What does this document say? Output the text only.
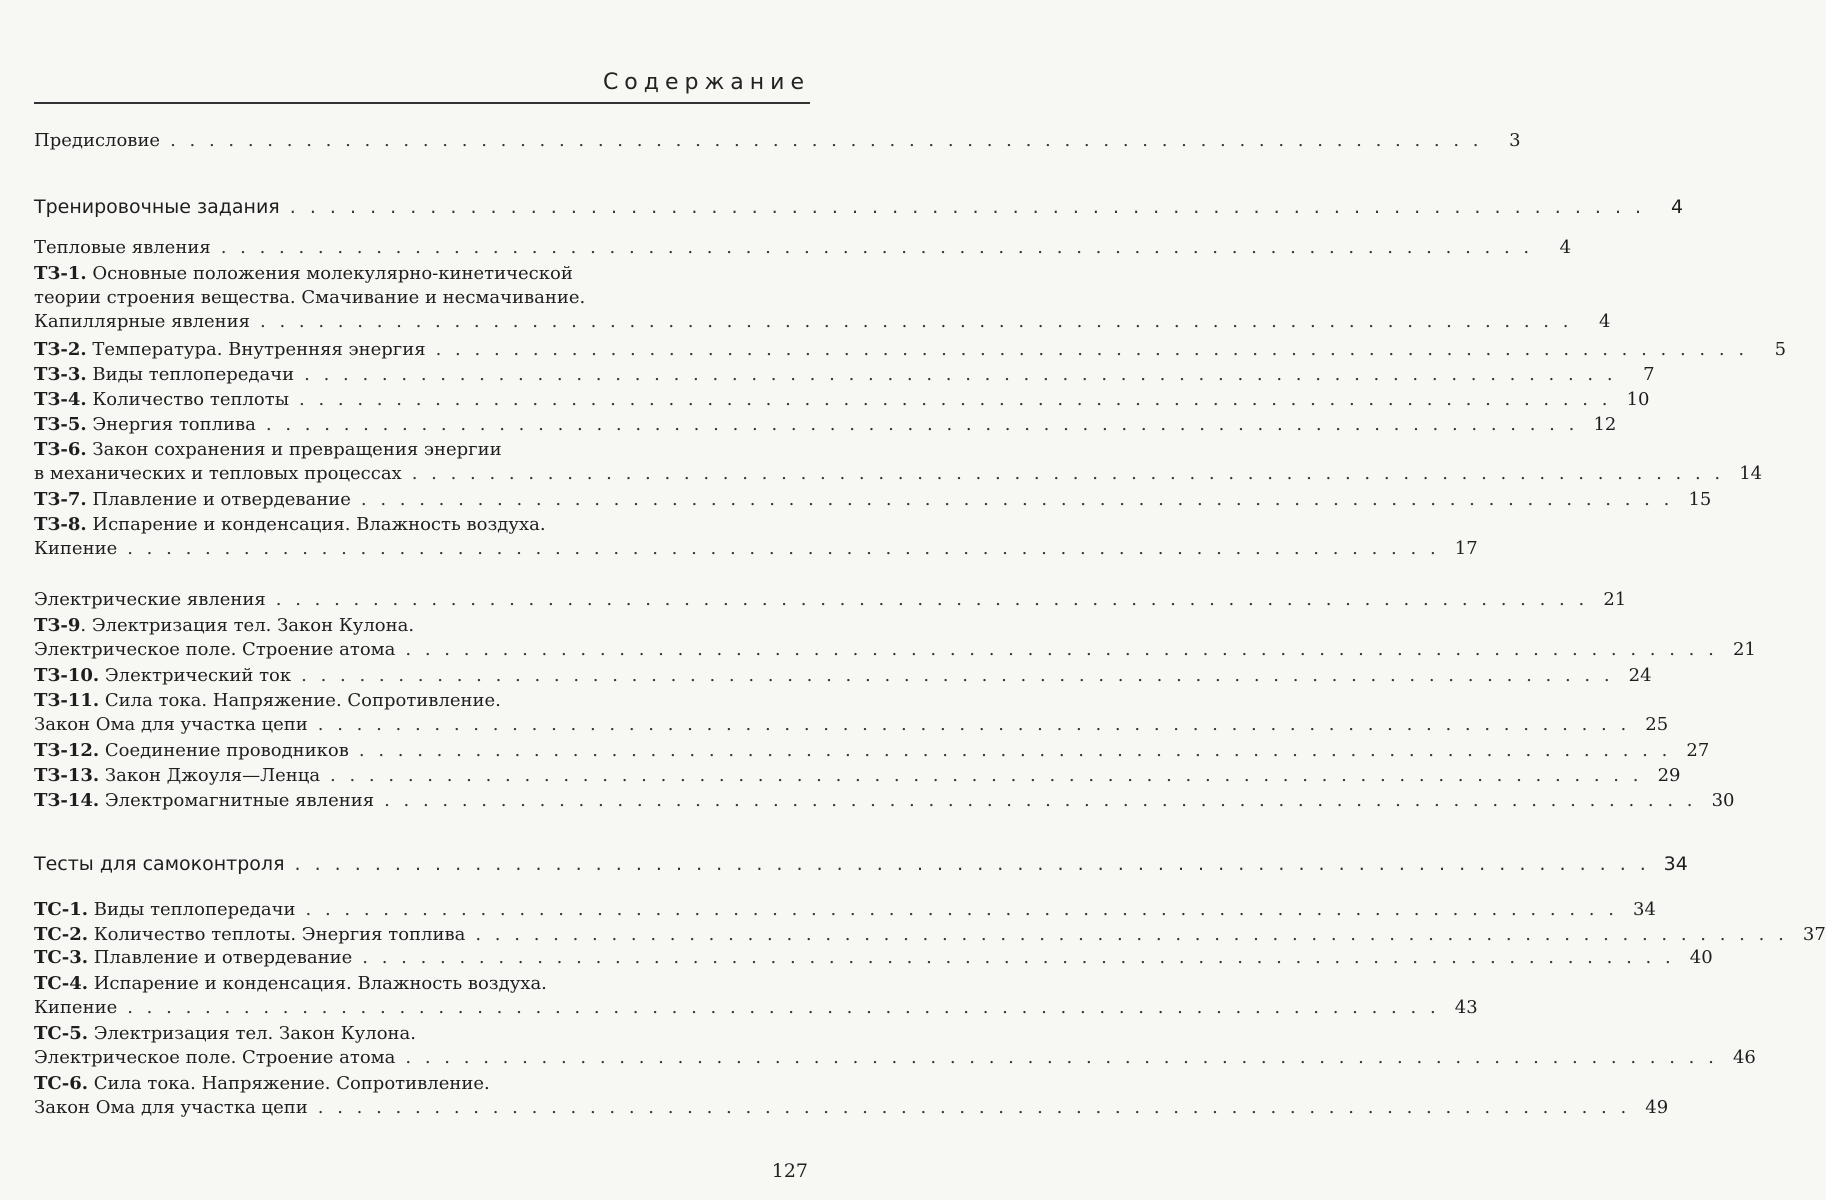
Содержание
Предисловие . . . . . . . . . . . . . . . . . . . . . . . . . . . . . . . . . . . . . . . . . . . . . . . . . . . . . . . . . . . . . . . . . . . .	3
Тренировочные задания . . . . . . . . . . . . . . . . . . . . . . . . . . . . . . . . . . . . . . . . . . . . . . . . . . . . . . . . . . . . . . . . . . . .	4
Тепловые явления . . . . . . . . . . . . . . . . . . . . . . . . . . . . . . . . . . . . . . . . . . . . . . . . . . . . . . . . . . . . . . . . . . . .	4
ТЗ-1. Основные положения молекулярно-кинетической
теории строения вещества. Смачивание и несмачивание.
Капиллярные явления . . . . . . . . . . . . . . . . . . . . . . . . . . . . . . . . . . . . . . . . . . . . . . . . . . . . . . . . . . . . . . . . . . . .	4
ТЗ-2. Температура. Внутренняя энергия . . . . . . . . . . . . . . . . . . . . . . . . . . . . . . . . . . . . . . . . . . . . . . . . . . . . . . . . . . . . . . . . . . . .	5
ТЗ-3. Виды теплопередачи . . . . . . . . . . . . . . . . . . . . . . . . . . . . . . . . . . . . . . . . . . . . . . . . . . . . . . . . . . . . . . . . . . . .	7
ТЗ-4. Количество теплоты . . . . . . . . . . . . . . . . . . . . . . . . . . . . . . . . . . . . . . . . . . . . . . . . . . . . . . . . . . . . . . . . . . . . 10
ТЗ-5. Энергия топлива . . . . . . . . . . . . . . . . . . . . . . . . . . . . . . . . . . . . . . . . . . . . . . . . . . . . . . . . . . . . . . . . . . . . 12
ТЗ-6. Закон сохранения и превращения энергии
в механических и тепловых процессах . . . . . . . . . . . . . . . . . . . . . . . . . . . . . . . . . . . . . . . . . . . . . . . . . . . . . . . . . . . . . . . . . . . . 14
ТЗ-7. Плавление и отвердевание . . . . . . . . . . . . . . . . . . . . . . . . . . . . . . . . . . . . . . . . . . . . . . . . . . . . . . . . . . . . . . . . . . . . 15
ТЗ-8. Испарение и конденсация. Влажность воздуха.
Кипение . . . . . . . . . . . . . . . . . . . . . . . . . . . . . . . . . . . . . . . . . . . . . . . . . . . . . . . . . . . . . . . . . . . . 17
Электрические явления . . . . . . . . . . . . . . . . . . . . . . . . . . . . . . . . . . . . . . . . . . . . . . . . . . . . . . . . . . . . . . . . . . . . 21
ТЗ-9. Электризация тел. Закон Кулона.
Электрическое поле. Строение атома . . . . . . . . . . . . . . . . . . . . . . . . . . . . . . . . . . . . . . . . . . . . . . . . . . . . . . . . . . . . . . . . . . . . 21
ТЗ-10. Электрический ток . . . . . . . . . . . . . . . . . . . . . . . . . . . . . . . . . . . . . . . . . . . . . . . . . . . . . . . . . . . . . . . . . . . . 24
ТЗ-11. Сила тока. Напряжение. Сопротивление.
Закон Ома для участка цепи . . . . . . . . . . . . . . . . . . . . . . . . . . . . . . . . . . . . . . . . . . . . . . . . . . . . . . . . . . . . . . . . . . . . 25
ТЗ-12. Соединение проводников . . . . . . . . . . . . . . . . . . . . . . . . . . . . . . . . . . . . . . . . . . . . . . . . . . . . . . . . . . . . . . . . . . . . 27
ТЗ-13. Закон Джоуля—Ленца . . . . . . . . . . . . . . . . . . . . . . . . . . . . . . . . . . . . . . . . . . . . . . . . . . . . . . . . . . . . . . . . . . . . 29
ТЗ-14. Электромагнитные явления . . . . . . . . . . . . . . . . . . . . . . . . . . . . . . . . . . . . . . . . . . . . . . . . . . . . . . . . . . . . . . . . . . . . 30
Тесты для самоконтроля . . . . . . . . . . . . . . . . . . . . . . . . . . . . . . . . . . . . . . . . . . . . . . . . . . . . . . . . . . . . . . . . . . . . 34
ТС-1. Виды теплопередачи . . . . . . . . . . . . . . . . . . . . . . . . . . . . . . . . . . . . . . . . . . . . . . . . . . . . . . . . . . . . . . . . . . . . 34
ТС-2. Количество теплоты. Энергия топлива . . . . . . . . . . . . . . . . . . . . . . . . . . . . . . . . . . . . . . . . . . . . . . . . . . . . . . . . . . . . . . . . . . . . 37
ТС-3. Плавление и отвердевание . . . . . . . . . . . . . . . . . . . . . . . . . . . . . . . . . . . . . . . . . . . . . . . . . . . . . . . . . . . . . . . . . . . . 40
ТС-4. Испарение и конденсация. Влажность воздуха.
Кипение . . . . . . . . . . . . . . . . . . . . . . . . . . . . . . . . . . . . . . . . . . . . . . . . . . . . . . . . . . . . . . . . . . . . 43
ТС-5. Электризация тел. Закон Кулона.
Электрическое поле. Строение атома . . . . . . . . . . . . . . . . . . . . . . . . . . . . . . . . . . . . . . . . . . . . . . . . . . . . . . . . . . . . . . . . . . . . 46
ТС-6. Сила тока. Напряжение. Сопротивление.
Закон Ома для участка цепи . . . . . . . . . . . . . . . . . . . . . . . . . . . . . . . . . . . . . . . . . . . . . . . . . . . . . . . . . . . . . . . . . . . . 49
127
